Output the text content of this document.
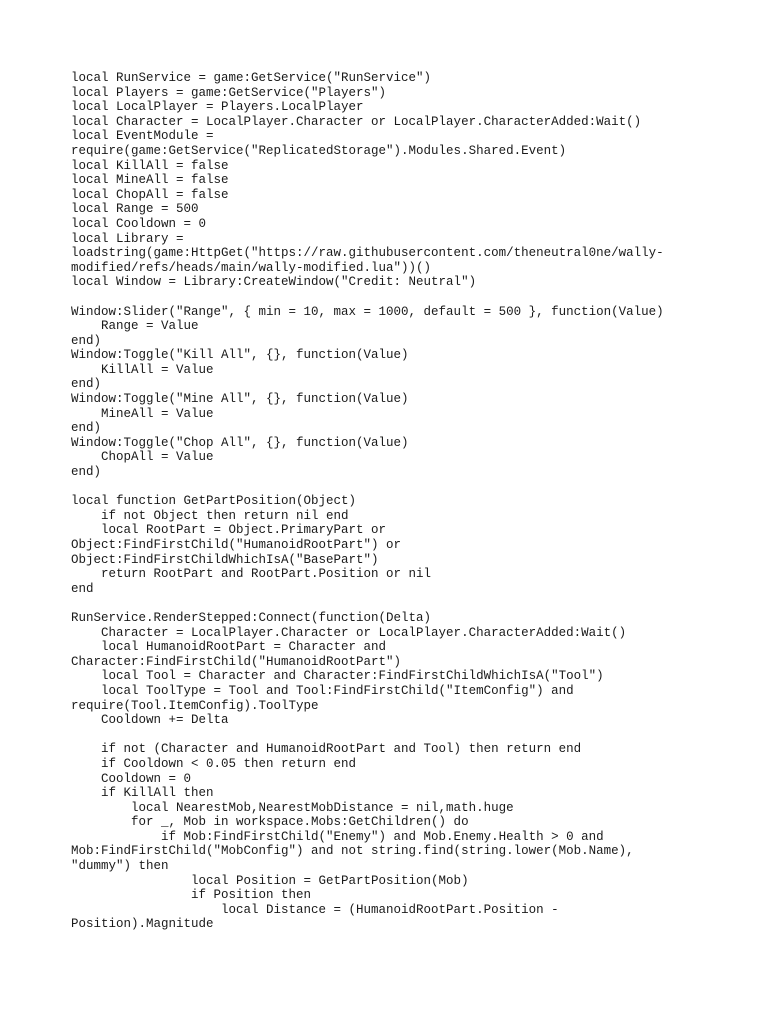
local RunService = game:GetService("RunService")
local Players = game:GetService("Players")
local LocalPlayer = Players.LocalPlayer
local Character = LocalPlayer.Character or LocalPlayer.CharacterAdded:Wait()
local EventModule =
require(game:GetService("ReplicatedStorage").Modules.Shared.Event)
local KillAll = false
local MineAll = false
local ChopAll = false
local Range = 500
local Cooldown = 0
local Library =
loadstring(game:HttpGet("https://raw.githubusercontent.com/theneutral0ne/wally-
modified/refs/heads/main/wally-modified.lua"))()
local Window = Library:CreateWindow("Credit: Neutral")
Window:Slider("Range", { min = 10, max = 1000, default = 500 }, function(Value)
Range = Value
end)
Window:Toggle("Kill All", {}, function(Value)
KillAll = Value
end)
Window:Toggle("Mine All", {}, function(Value)
MineAll = Value
end)
Window:Toggle("Chop All", {}, function(Value)
ChopAll = Value
end)
local function GetPartPosition(Object)
if not Object then return nil end
local RootPart = Object.PrimaryPart or
Object:FindFirstChild("HumanoidRootPart") or
Object:FindFirstChildWhichIsA("BasePart")
return RootPart and RootPart.Position or nil
end
RunService.RenderStepped:Connect(function(Delta)
Character = LocalPlayer.Character or LocalPlayer.CharacterAdded:Wait()
local HumanoidRootPart = Character and
Character:FindFirstChild("HumanoidRootPart")
local Tool = Character and Character:FindFirstChildWhichIsA("Tool")
local ToolType = Tool and Tool:FindFirstChild("ItemConfig") and
require(Tool.ItemConfig).ToolType
Cooldown += Delta
if not (Character and HumanoidRootPart and Tool) then return end
if Cooldown < 0.05 then return end
Cooldown = 0
if KillAll then
local NearestMob,NearestMobDistance = nil,math.huge
for _, Mob in workspace.Mobs:GetChildren() do
if Mob:FindFirstChild("Enemy") and Mob.Enemy.Health > 0 and
Mob:FindFirstChild("MobConfig") and not string.find(string.lower(Mob.Name),
"dummy") then
local Position = GetPartPosition(Mob)
if Position then
local Distance = (HumanoidRootPart.Position -
Position).Magnitude
